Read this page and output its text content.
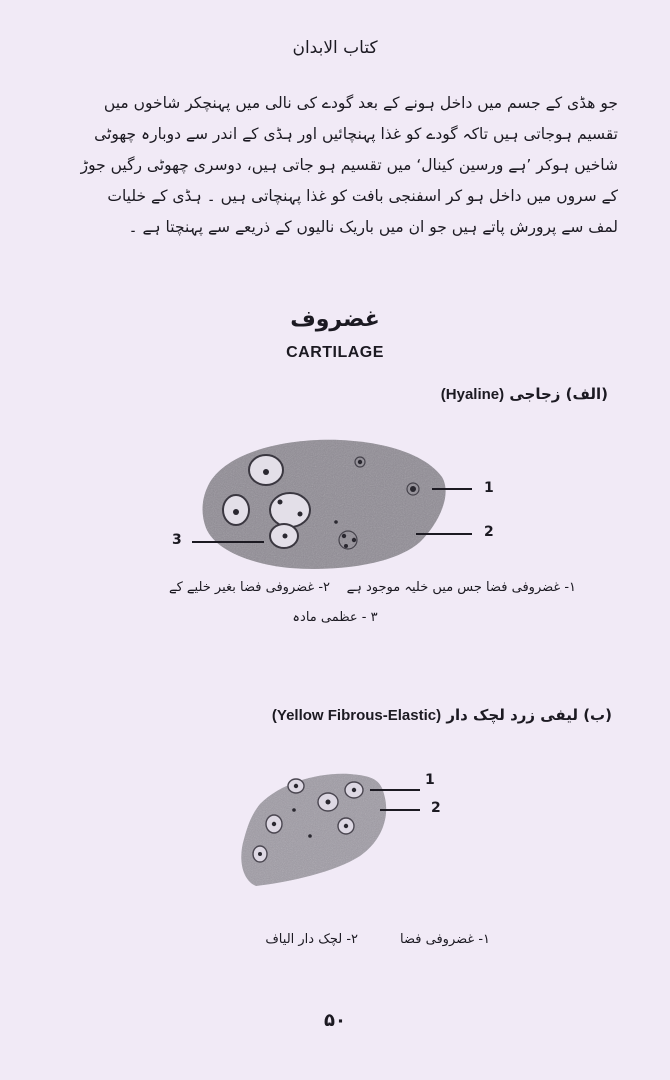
كتاب الابدان
جو هڈی کے جسم میں داخل ہونے کے بعد گودے کی نالی میں پہنچکر شاخوں میں
تقسیم ہوجاتی ہیں تاکہ گودے کو غذا پہنچائیں اور ہڈی کے اندر سے دوبارہ چھوٹی
شاخیں ہوکر ’ہے ورسین کینال‘ میں تقسیم ہو جاتی ہیں، دوسری چھوٹی رگیں جوڑ
کے سروں میں داخل ہو کر اسفنجی بافت کو غذا پہنچاتی ہیں ۔ ہڈی کے خلیات
لمف سے پرورش پاتے ہیں جو ان میں باریک نالیوں کے ذریعے سے پہنچتا ہے ۔
غضروف
CARTILAGE
(الف) زجاجی (Hyaline)
1
2
3
۱- غضروفی فضا جس میں خلیہ موجود ہے
۲- غضروفی فضا بغیر خلیے کے
۳ - عظمی مادہ
(ب) لیفی زرد لچک دار (Yellow Fibrous-Elastic)
1
2
۱- غضروفی فضا
۲- لچک دار الیاف
۵۰
